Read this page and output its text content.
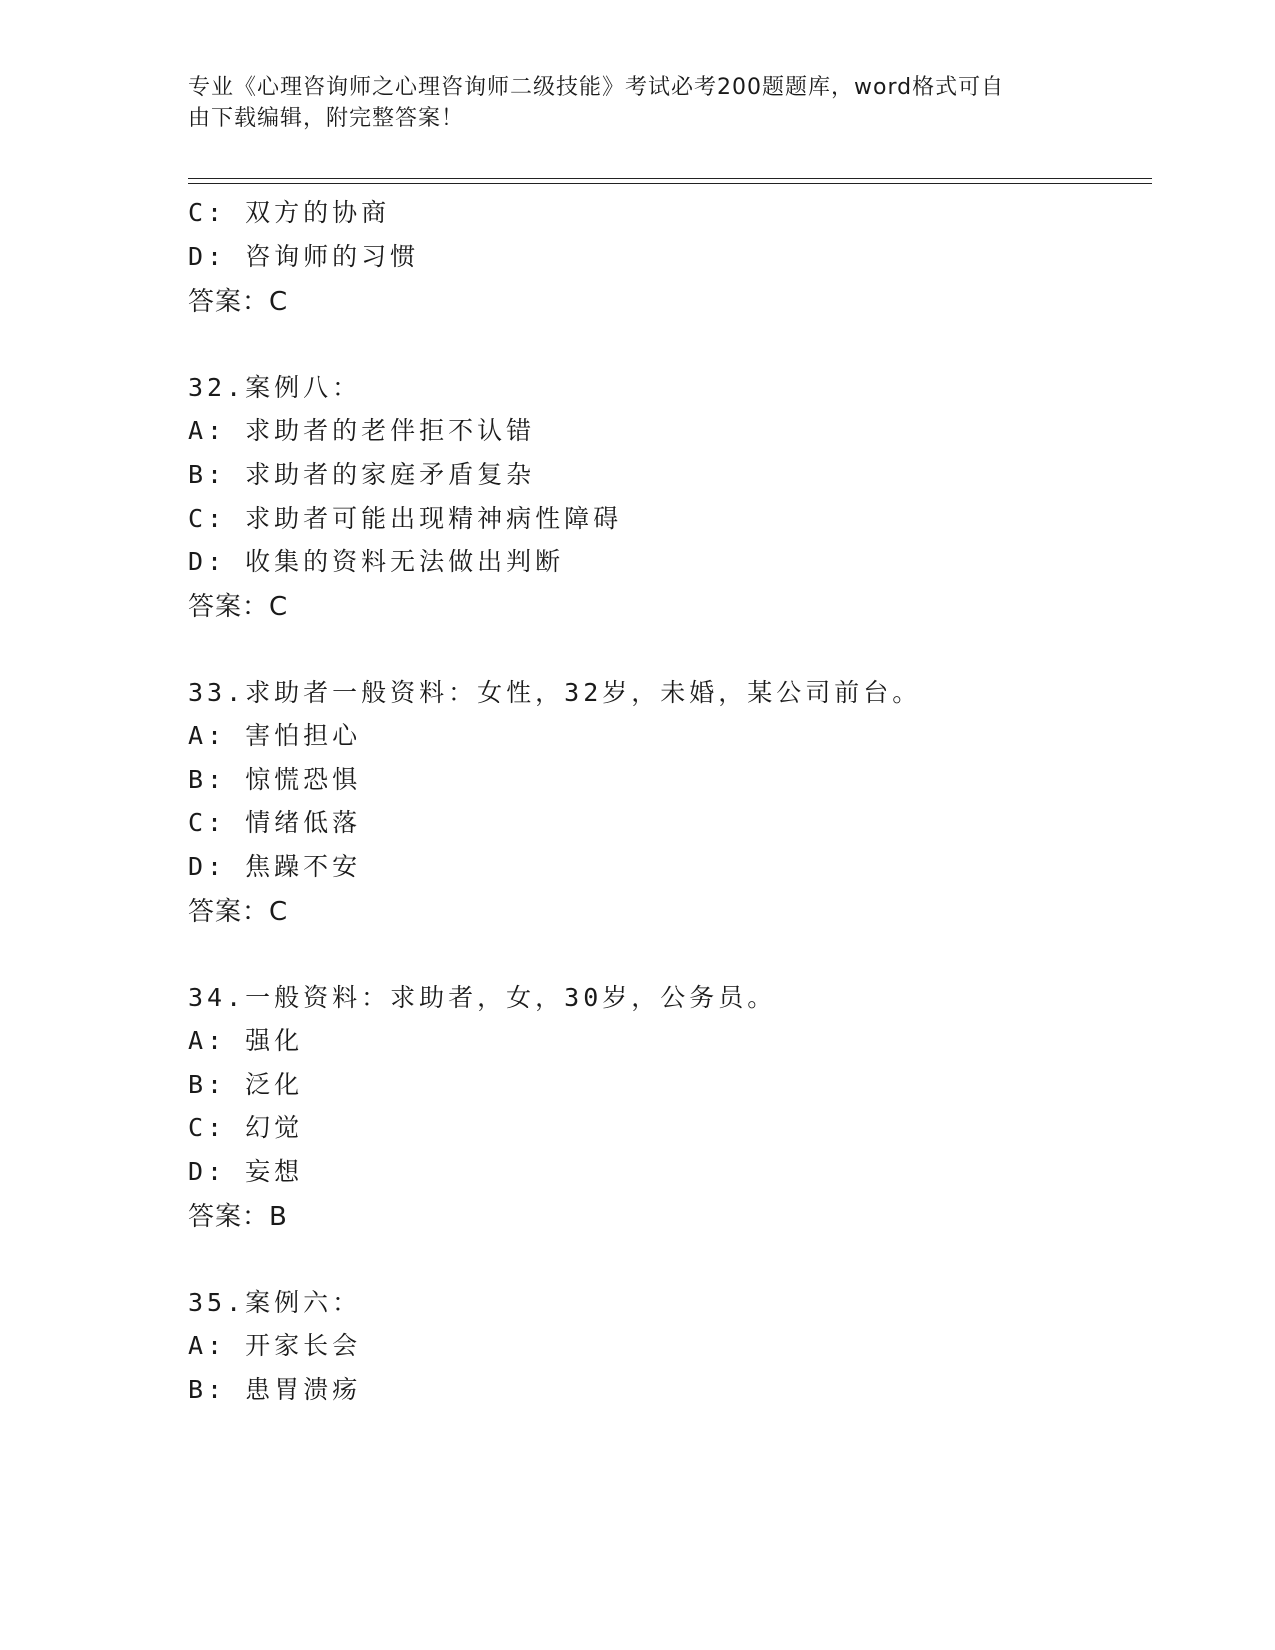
专业《心理咨询师之心理咨询师二级技能》考试必考200题题库，word格式可自
由下载编辑，附完整答案！
C: 双方的协商
D: 咨询师的习惯
答案：C
32.案例八：
A: 求助者的老伴拒不认错
B: 求助者的家庭矛盾复杂
C: 求助者可能出现精神病性障碍
D: 收集的资料无法做出判断
答案：C
33.求助者一般资料：女性，32岁，未婚，某公司前台。
A: 害怕担心
B: 惊慌恐惧
C: 情绪低落
D: 焦躁不安
答案：C
34.一般资料：求助者，女，30岁，公务员。
A: 强化
B: 泛化
C: 幻觉
D: 妄想
答案：B
35.案例六：
A: 开家长会
B: 患胃溃疡
